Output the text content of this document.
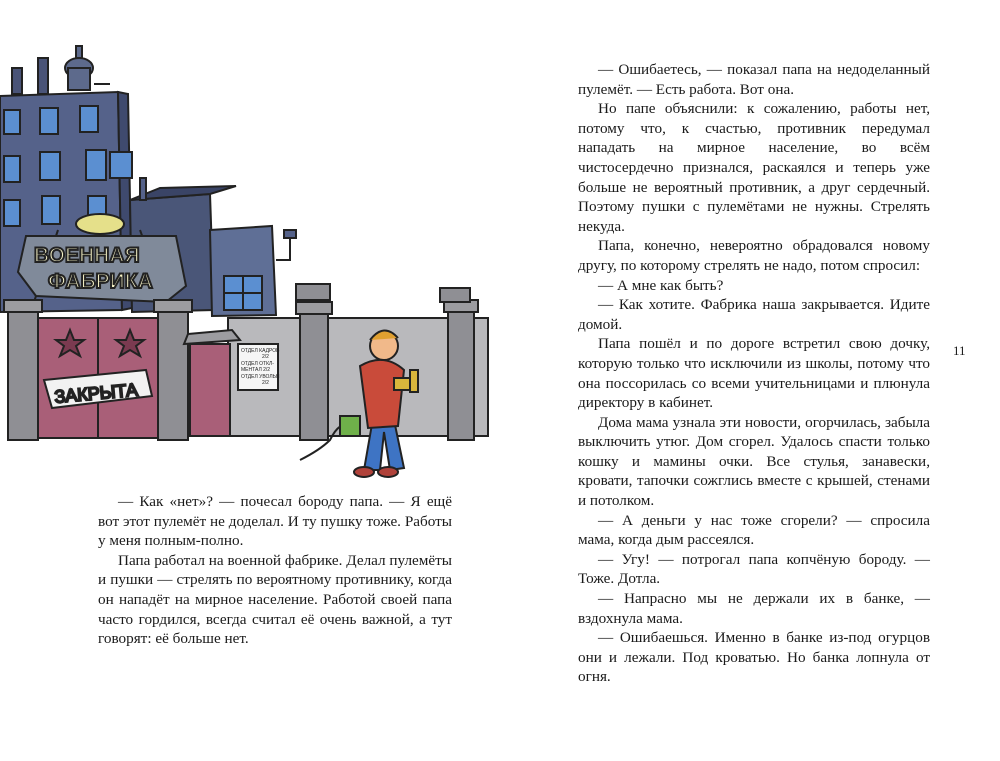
ВОЕННАЯ
ФАБРИКА
ЗАКРЫТА
ОТДЕЛ КАДРОВ
2/2
ОТДЕЛ ОТКЛ-
МЕНТАЛ 2/2
ОТДЕЛ УВОЛЬН
2/2

— Как «нет»? — почесал бороду папа. — Я ещё вот этот пулемёт не доделал. И ту пушку тоже. Работы у меня полным-полно.

Папа работал на военной фабрике. Делал пулемёты и пушки — стрелять по вероятному противнику, когда он нападёт на мирное население. Работой своей папа часто гордился, всегда считал её очень важной, а тут говорят: её больше нет.

— Ошибаетесь, — показал папа на недоделанный пулемёт. — Есть работа. Вот она.

Но папе объяснили: к сожалению, работы нет, потому что, к счастью, противник передумал нападать на мирное население, во всём чистосердечно признался, раскаялся и теперь уже больше не вероятный противник, а друг сердечный. Поэтому пушки с пулемётами не нужны. Стрелять некуда.

Папа, конечно, невероятно обрадовался новому другу, по которому стрелять не надо, потом спросил:

— А мне как быть?

— Как хотите. Фабрика наша закрывается. Идите домой.

Папа пошёл и по дороге встретил свою дочку, которую только что исключили из школы, потому что она поссорилась со всеми учительницами и плюнула директору в кабинет.

Дома мама узнала эти новости, огорчилась, забыла выключить утюг. Дом сгорел. Удалось спасти только кошку и мамины очки. Все стулья, занавески, кровати, тапочки сожглись вместе с крышей, стенами и потолком.

— А деньги у нас тоже сгорели? — спросила мама, когда дым рассеялся.

— Угу! — потрогал папа копчёную бороду. — Тоже. Дотла.

— Напрасно мы не держали их в банке, — вздохнула мама.

— Ошибаешься. Именно в банке из-под огурцов они и лежали. Под кроватью. Но банка лопнула от огня.

11
